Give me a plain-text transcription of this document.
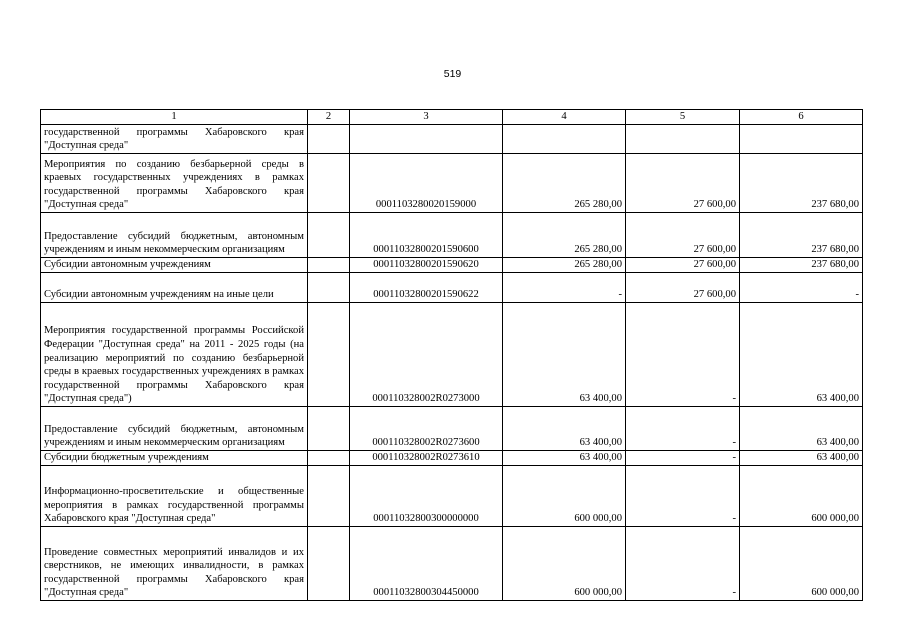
519
1	2	3	4	5	6
государственной программы Хабаровского края "Доступная среда"					
Мероприятия по созданию безбарьерной среды в краевых государственных учреждениях в рамках государственной программы Хабаровского края "Доступная среда"		0001103280020159000	265 280,00	27 600,00	237 680,00
Предоставление субсидий бюджетным, автономным учреждениям и иным некоммерческим организациям		00011032800201590600	265 280,00	27 600,00	237 680,00
Субсидии автономным учреждениям		00011032800201590620	265 280,00	27 600,00	237 680,00
Субсидии автономным учреждениям на иные цели		00011032800201590622	-	27 600,00	-
Мероприятия государственной программы Российской Федерации "Доступная среда" на 2011 - 2025 годы (на реализацию мероприятий по созданию безбарьерной среды в краевых государственных учреждениях в рамках государственной программы Хабаровского края "Доступная среда")		000110328002R0273000	63 400,00	-	63 400,00
Предоставление субсидий бюджетным, автономным учреждениям и иным некоммерческим организациям		000110328002R0273600	63 400,00	-	63 400,00
Субсидии бюджетным учреждениям		000110328002R0273610	63 400,00	-	63 400,00
Информационно-просветительские и общественные мероприятия в рамках государственной программы Хабаровского края "Доступная среда"		00011032800300000000	600 000,00	-	600 000,00
Проведение совместных мероприятий инвалидов и их сверстников, не имеющих инвалидности, в рамках государственной программы Хабаровского края "Доступная среда"		00011032800304450000	600 000,00	-	600 000,00
